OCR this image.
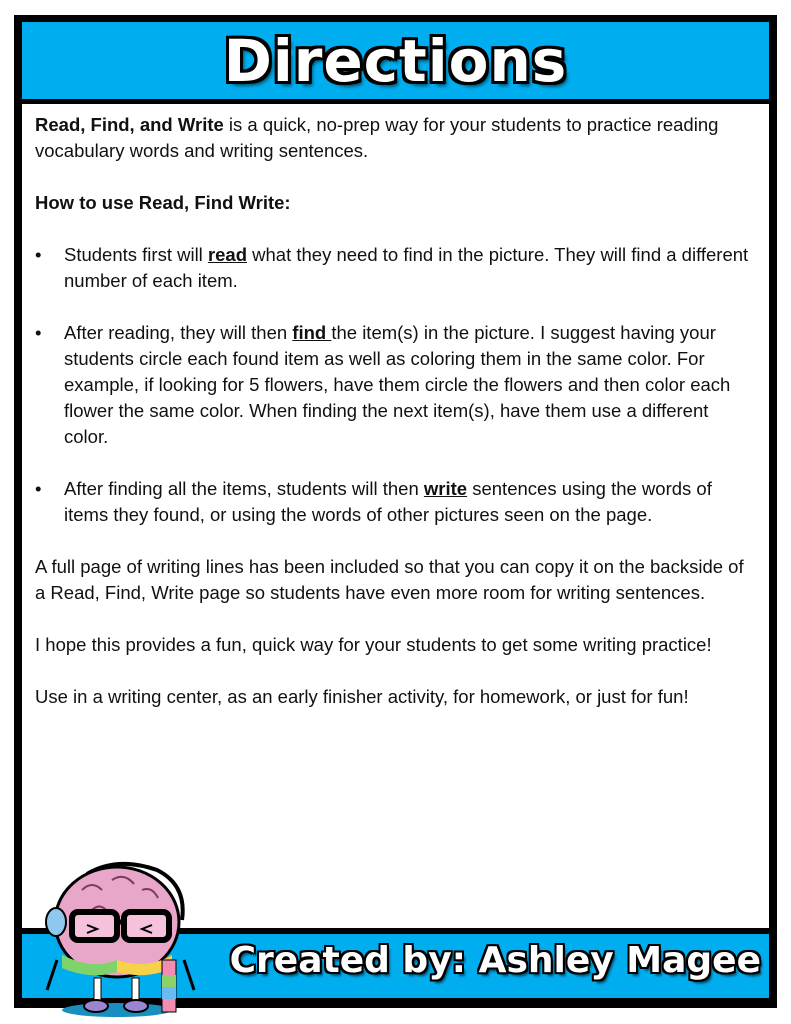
Directions

Read, Find, and Write is a quick, no-prep way for your students to practice reading vocabulary words and writing sentences.

How to use Read, Find Write:

•	Students first will read what they need to find in the picture. They will find a different number of each item.

•	After reading, they will then find the item(s) in the picture. I suggest having your students circle each found item as well as coloring them in the same color. For example, if looking for 5 flowers, have them circle the flowers and then color each flower the same color. When finding the next item(s), have them use a different color.

•	After finding all the items, students will then write sentences using the words of items they found, or using the words of other pictures seen on the page.

A full page of writing lines has been included so that you can copy it on the backside of a Read, Find, Write page so students have even more room for writing sentences.

I hope this provides a fun, quick way for your students to get some writing practice!

Use in a writing center, as an early finisher activity, for homework, or just for fun!

Created by: Ashley Magee
